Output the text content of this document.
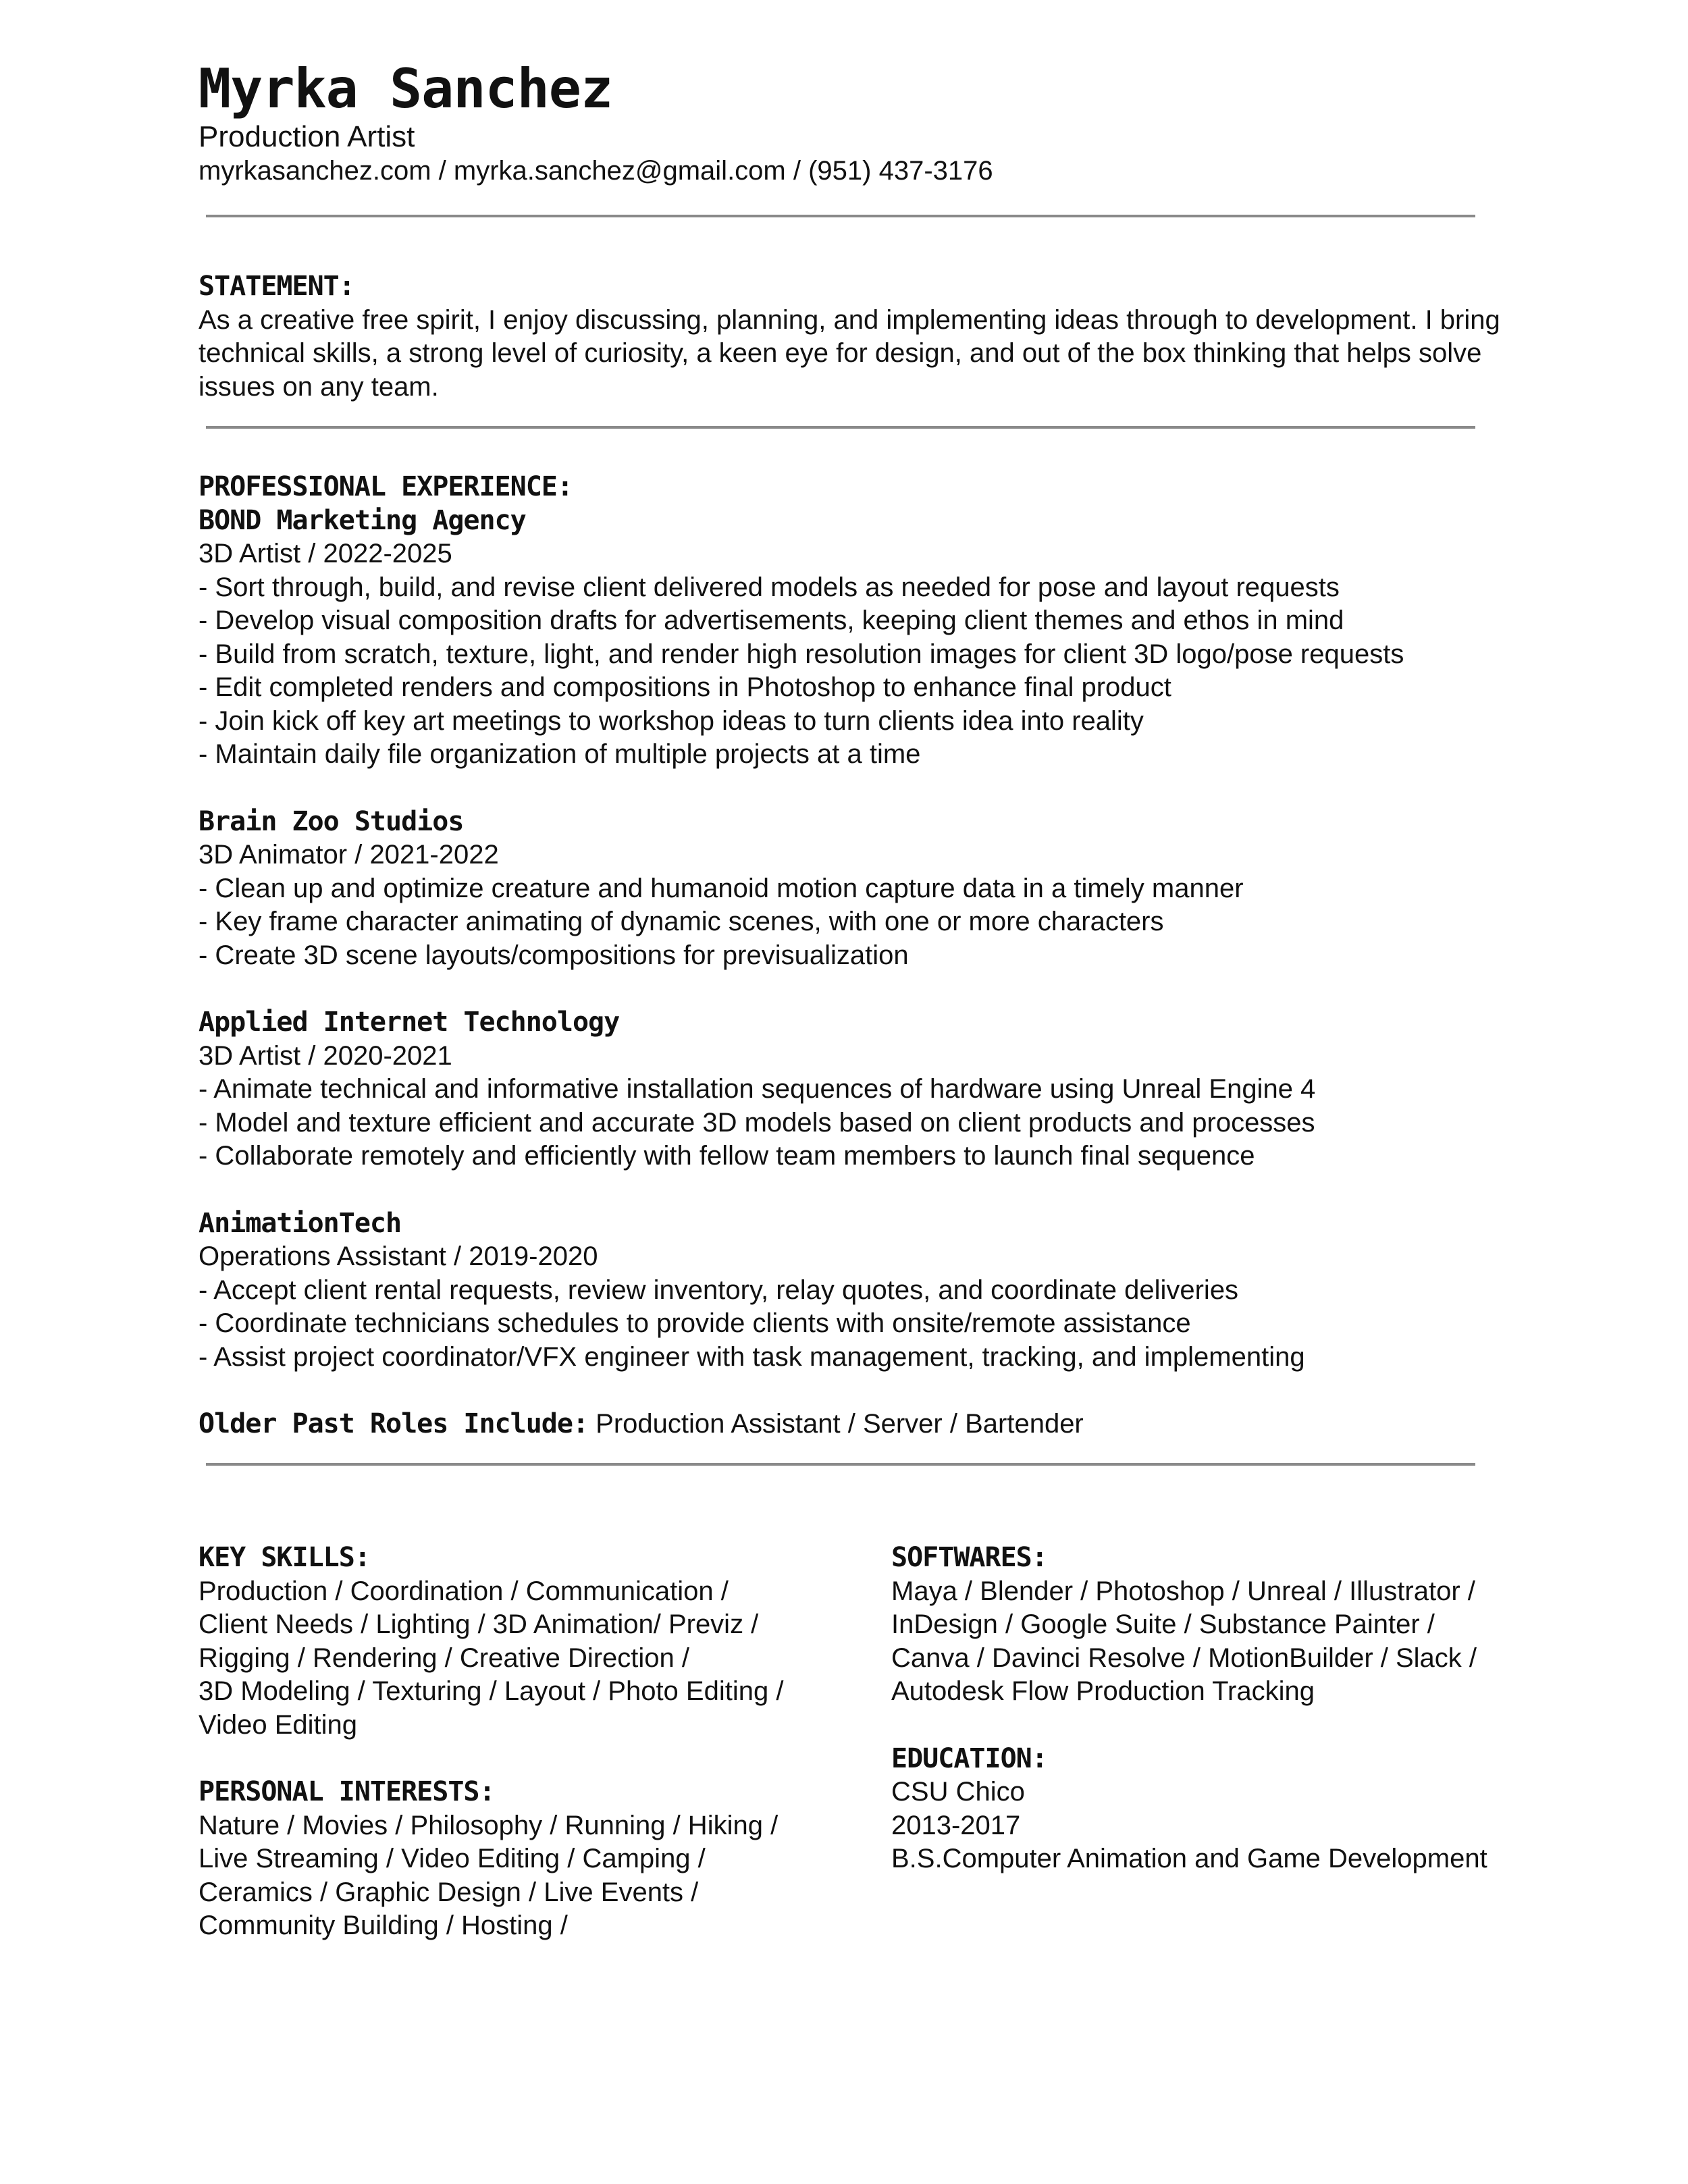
Myrka Sanchez
Production Artist
myrkasanchez.com / myrka.sanchez@gmail.com / (951) 437-3176
STATEMENT:
As a creative free spirit, I enjoy discussing, planning, and implementing ideas through to development. I bring
technical skills, a strong level of curiosity, a keen eye for design, and out of the box thinking that helps solve
issues on any team.
PROFESSIONAL EXPERIENCE:
BOND Marketing Agency
3D Artist / 2022-2025
- Sort through, build, and revise client delivered models as needed for pose and layout requests
- Develop visual composition drafts for advertisements, keeping client themes and ethos in mind
- Build from scratch, texture, light, and render high resolution images for client 3D logo/pose requests
- Edit completed renders and compositions in Photoshop to enhance final product
- Join kick off key art meetings to workshop ideas to turn clients idea into reality
- Maintain daily file organization of multiple projects at a time
Brain Zoo Studios
3D Animator / 2021-2022
- Clean up and optimize creature and humanoid motion capture data in a timely manner
- Key frame character animating of dynamic scenes, with one or more characters
- Create 3D scene layouts/compositions for previsualization
Applied Internet Technology
3D Artist / 2020-2021
- Animate technical and informative installation sequences of hardware using Unreal Engine 4
- Model and texture efficient and accurate 3D models based on client products and processes
- Collaborate remotely and efficiently with fellow team members to launch final sequence
AnimationTech
Operations Assistant / 2019-2020
- Accept client rental requests, review inventory, relay quotes, and coordinate deliveries
- Coordinate technicians schedules to provide clients with onsite/remote assistance
- Assist project coordinator/VFX engineer with task management, tracking, and implementing
Older Past Roles Include: Production Assistant / Server / Bartender
KEY SKILLS:
Production / Coordination / Communication /
Client Needs / Lighting / 3D Animation/ Previz /
Rigging / Rendering / Creative Direction /
3D Modeling / Texturing / Layout / Photo Editing /
Video Editing
PERSONAL INTERESTS:
Nature / Movies / Philosophy / Running / Hiking /
Live Streaming / Video Editing / Camping /
Ceramics / Graphic Design / Live Events /
Community Building / Hosting /
SOFTWARES:
Maya / Blender / Photoshop / Unreal / Illustrator /
InDesign / Google Suite / Substance Painter /
Canva / Davinci Resolve / MotionBuilder / Slack /
Autodesk Flow Production Tracking
EDUCATION:
CSU Chico
2013-2017
B.S.Computer Animation and Game Development
